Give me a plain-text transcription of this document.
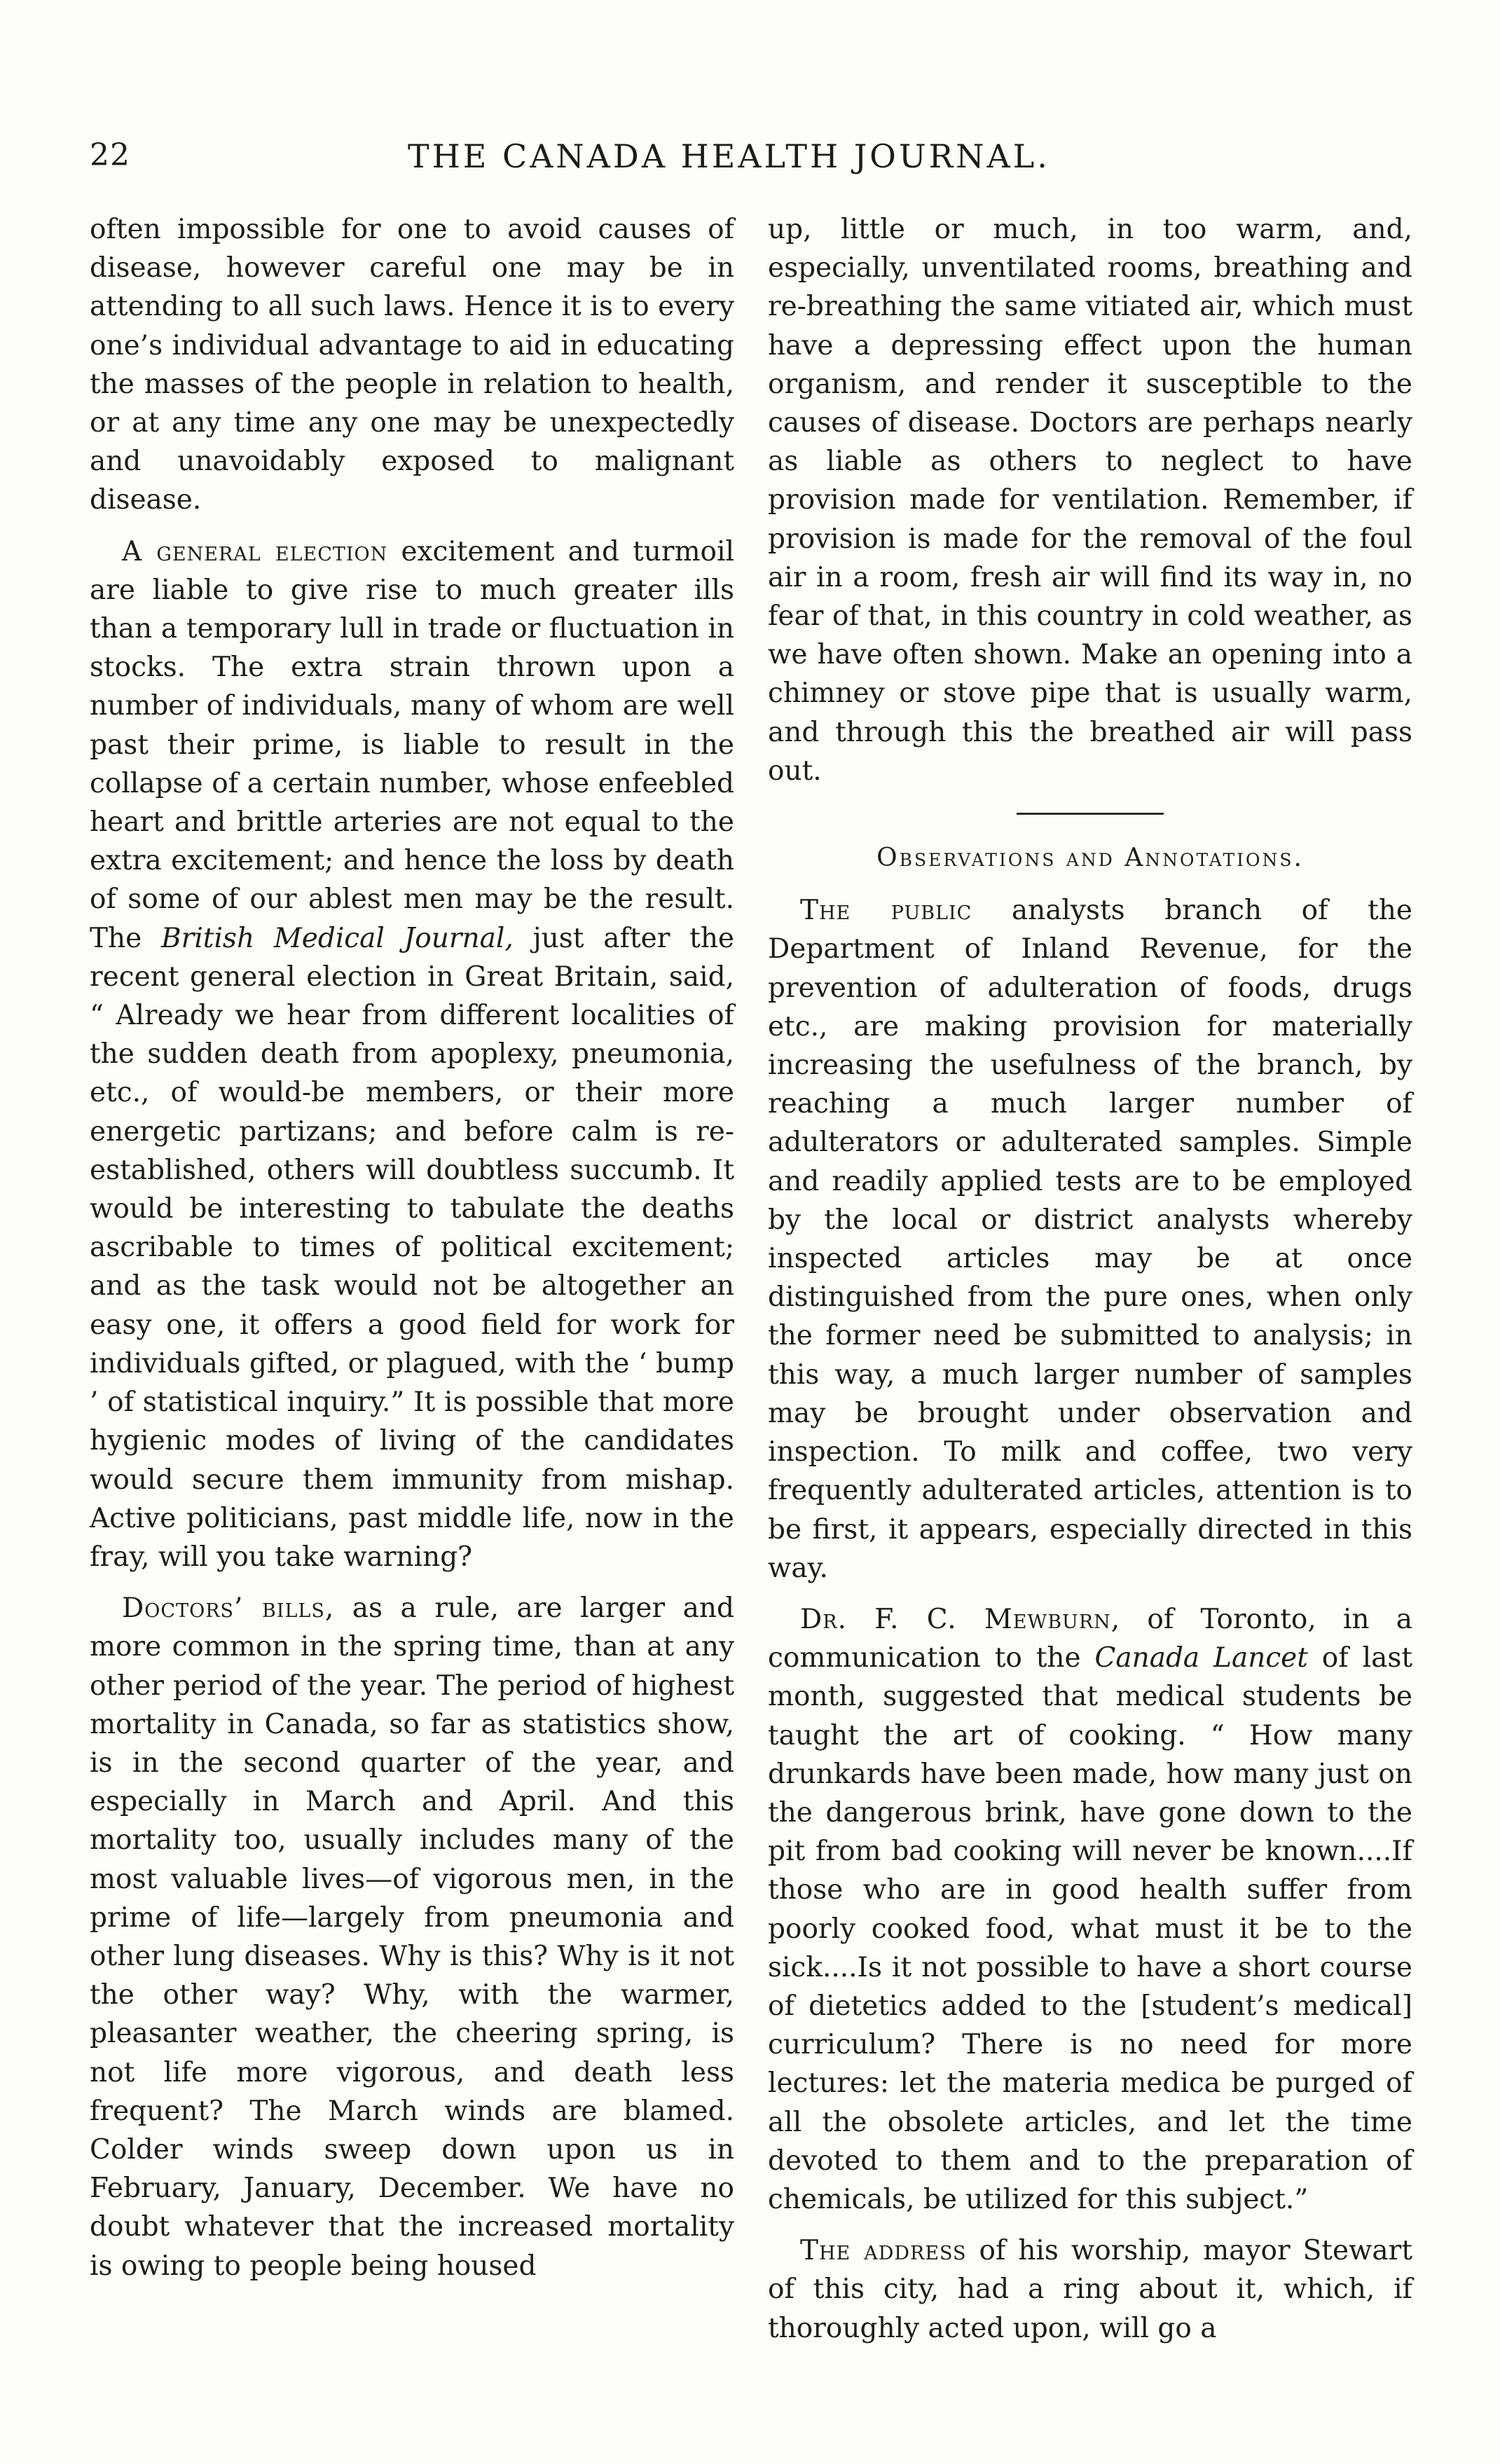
22	THE CANADA HEALTH JOURNAL.

often impossible for one to avoid causes of disease, however careful one may be in attending to all such laws. Hence it is to every one’s individual advantage to aid in educating the masses of the people in relation to health, or at any time any one may be unexpectedly and unavoidably exposed to malignant disease.

A general election excitement and turmoil are liable to give rise to much greater ills than a temporary lull in trade or fluctuation in stocks. The extra strain thrown upon a number of individuals, many of whom are well past their prime, is liable to result in the collapse of a certain number, whose enfeebled heart and brittle arteries are not equal to the extra excitement; and hence the loss by death of some of our ablest men may be the result. The British Medical Journal, just after the recent general election in Great Britain, said, “ Already we hear from different localities of the sudden death from apoplexy, pneumonia, etc., of would-be members, or their more energetic partizans; and before calm is re-established, others will doubtless succumb. It would be interesting to tabulate the deaths ascribable to times of political excitement; and as the task would not be altogether an easy one, it offers a good field for work for individuals gifted, or plagued, with the ‘ bump ’ of statistical inquiry.” It is possible that more hygienic modes of living of the candidates would secure them immunity from mishap. Active politicians, past middle life, now in the fray, will you take warning?

Doctors’ bills, as a rule, are larger and more common in the spring time, than at any other period of the year. The period of highest mortality in Canada, so far as statistics show, is in the second quarter of the year, and especially in March and April. And this mortality too, usually includes many of the most valuable lives—of vigorous men, in the prime of life—largely from pneumonia and other lung diseases. Why is this? Why is it not the other way? Why, with the warmer, pleasanter weather, the cheering spring, is not life more vigorous, and death less frequent? The March winds are blamed. Colder winds sweep down upon us in February, January, December. We have no doubt whatever that the increased mortality is owing to people being housed

up, little or much, in too warm, and, especially, unventilated rooms, breathing and re-breathing the same vitiated air, which must have a depressing effect upon the human organism, and render it susceptible to the causes of disease. Doctors are perhaps nearly as liable as others to neglect to have provision made for ventilation. Remember, if provision is made for the removal of the foul air in a room, fresh air will find its way in, no fear of that, in this country in cold weather, as we have often shown. Make an opening into a chimney or stove pipe that is usually warm, and through this the breathed air will pass out.

Observations and Annotations.

The public analysts branch of the Department of Inland Revenue, for the prevention of adulteration of foods, drugs etc., are making provision for materially increasing the usefulness of the branch, by reaching a much larger number of adulterators or adulterated samples. Simple and readily applied tests are to be employed by the local or district analysts whereby inspected articles may be at once distinguished from the pure ones, when only the former need be submitted to analysis; in this way, a much larger number of samples may be brought under observation and inspection. To milk and coffee, two very frequently adulterated articles, attention is to be first, it appears, especially directed in this way.

Dr. F. C. Mewburn, of Toronto, in a communication to the Canada Lancet of last month, suggested that medical students be taught the art of cooking. “ How many drunkards have been made, how many just on the dangerous brink, have gone down to the pit from bad cooking will never be known....If those who are in good health suffer from poorly cooked food, what must it be to the sick....Is it not possible to have a short course of dietetics added to the [student’s medical] curriculum? There is no need for more lectures: let the materia medica be purged of all the obsolete articles, and let the time devoted to them and to the preparation of chemicals, be utilized for this subject.”

The address of his worship, mayor Stewart of this city, had a ring about it, which, if thoroughly acted upon, will go a
